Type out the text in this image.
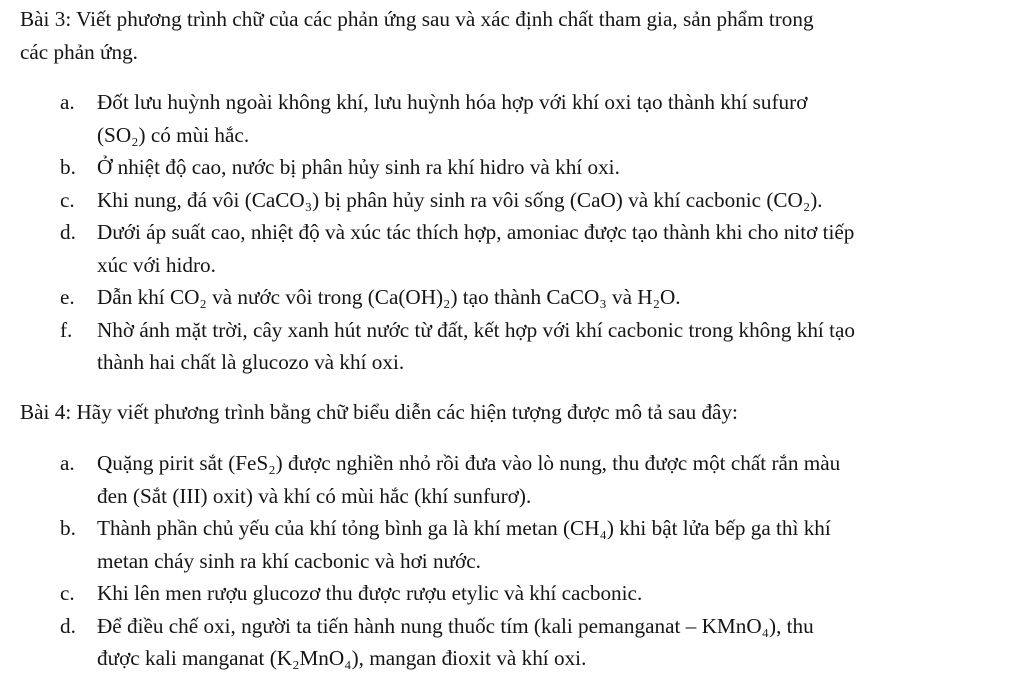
Bài 3: Viết phương trình chữ của các phản ứng sau và xác định chất tham gia, sản phẩm trong
các phản ứng.
a. Đốt lưu huỳnh ngoài không khí, lưu huỳnh hóa hợp với khí oxi tạo thành khí sufurơ
(SO₂) có mùi hắc.
b. Ở nhiệt độ cao, nước bị phân hủy sinh ra khí hidro và khí oxi.
c. Khi nung, đá vôi (CaCO₃) bị phân hủy sinh ra vôi sống (CaO) và khí cacbonic (CO₂).
d. Dưới áp suất cao, nhiệt độ và xúc tác thích hợp, amoniac được tạo thành khi cho nitơ tiếp
xúc với hidro.
e. Dẫn khí CO₂ và nước vôi trong (Ca(OH)₂) tạo thành CaCO₃ và H₂O.
f. Nhờ ánh mặt trời, cây xanh hút nước từ đất, kết hợp với khí cacbonic trong không khí tạo
thành hai chất là glucozo và khí oxi.
Bài 4: Hãy viết phương trình bằng chữ biểu diễn các hiện tượng được mô tả sau đây:
a. Quặng pirit sắt (FeS₂) được nghiền nhỏ rồi đưa vào lò nung, thu được một chất rắn màu
đen (Sắt (III) oxit) và khí có mùi hắc (khí sunfurơ).
b. Thành phần chủ yếu của khí tỏng bình ga là khí metan (CH₄) khi bật lửa bếp ga thì khí
metan cháy sinh ra khí cacbonic và hơi nước.
c. Khi lên men rượu glucozơ thu được rượu etylic và khí cacbonic.
d. Để điều chế oxi, người ta tiến hành nung thuốc tím (kali pemanganat – KMnO₄), thu
được kali manganat (K₂MnO₄), mangan đioxit và khí oxi.
